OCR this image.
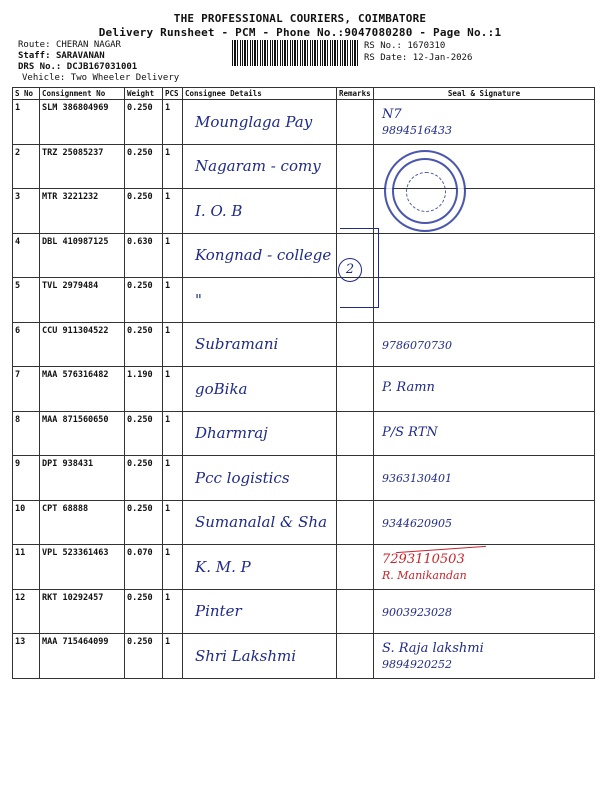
THE PROFESSIONAL COURIERS, COIMBATORE
Delivery Runsheet - PCM - Phone No.:9047080280 - Page No.:1
Route: CHERAN NAGAR
Staff: SARAVANAN
DRS No.: DCJB167031001
Vehicle: Two Wheeler Delivery
RS No.: 1670310
RS Date: 12-Jan-2026
S No	Consignment No	Weight	PCS	Consignee Details	Remarks	Seal & Signature
1	SLM 386804969	0.250	1	Mounglaga Pay		N7
9894516433

2	TRZ 25085237	0.250	1	Nagaram - comy		

3	MTR 3221232	0.250	1	I. O. B		

4	DBL 410987125	0.630	1	Kongnad - college		

5	TVL 2979484	0.250	1	"		

6	CCU 911304522	0.250	1	Subramani		9786070730

7	MAA 576316482	1.190	1	goBika		P. Ramn

8	MAA 871560650	0.250	1	Dharmraj		P/S RTN

9	DPI 938431	0.250	1	Pcc logistics		9363130401

10	CPT 68888	0.250	1	Sumanalal & Sha		9344620905

11	VPL 523361463	0.070	1	K. M. P		7293110503
R. Manikandan

12	RKT 10292457	0.250	1	Pinter		9003923028

13	MAA 715464099	0.250	1	Shri Lakshmi		S. Raja lakshmi
9894920252
2
